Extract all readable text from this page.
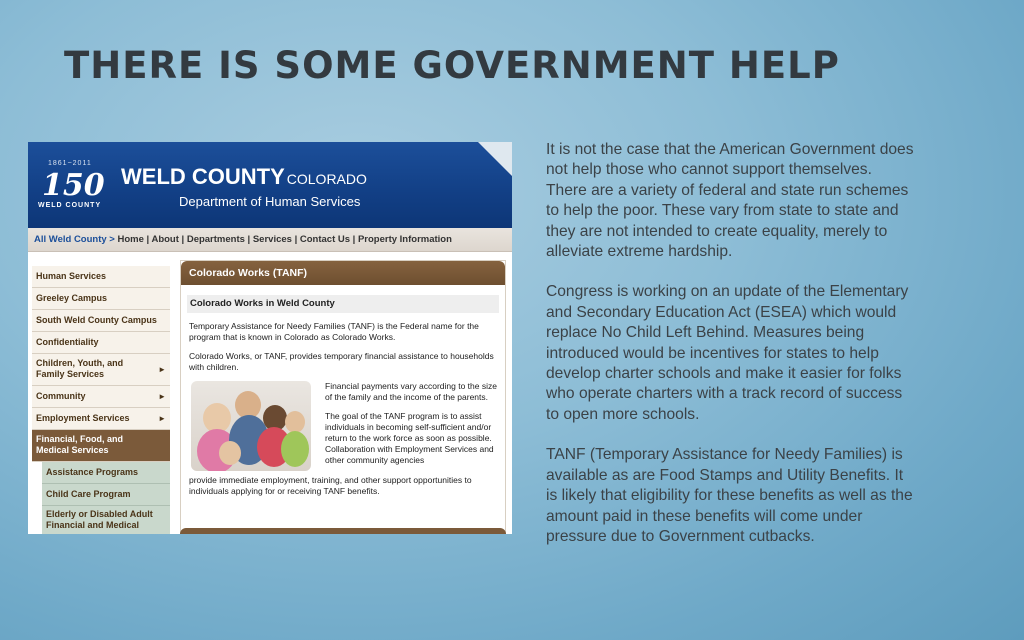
THERE IS SOME GOVERNMENT HELP
1861~2011
150
WELD COUNTY
WELD COUNTY COLORADO
Department of Human Services
All Weld County > Home | About | Departments | Services | Contact Us | Property Information
Human Services
Greeley Campus
South Weld County Campus
Confidentiality
Children, Youth, and Family Services	►
Community	►
Employment Services	►
Financial, Food, and Medical Services
Assistance Programs
Child Care Program
Elderly or Disabled Adult Financial and Medical
Colorado Works (TANF)
Colorado Works in Weld County
Temporary Assistance for Needy Families (TANF) is the Federal name for the program that is known in Colorado as Colorado Works.
Colorado Works, or TANF, provides temporary financial assistance to households with children.
Financial payments vary according to the size of the family and the income of the parents.
The goal of the TANF program is to assist individuals in becoming self-sufficient and/or return to the work force as soon as possible. Collaboration with Employment Services and other community agencies
provide immediate employment, training, and other support opportunities to individuals applying for or receiving TANF benefits.

It is not the case that the American Government does not help those who cannot support themselves. There are a variety of federal and state run schemes to help the poor. These vary from state to state and they are not intended to create equality, merely to alleviate extreme hardship.

Congress is working on an update of the Elementary and Secondary Education Act (ESEA) which would replace No Child Left Behind. Measures being introduced would be incentives for states to help develop charter schools and make it easier for folks who operate charters with a track record of success to open more schools.

TANF (Temporary Assistance for Needy Families) is available as are Food Stamps and Utility Benefits. It is likely that eligibility for these benefits as well as the amount paid in these benefits will come under pressure due to Government cutbacks.
